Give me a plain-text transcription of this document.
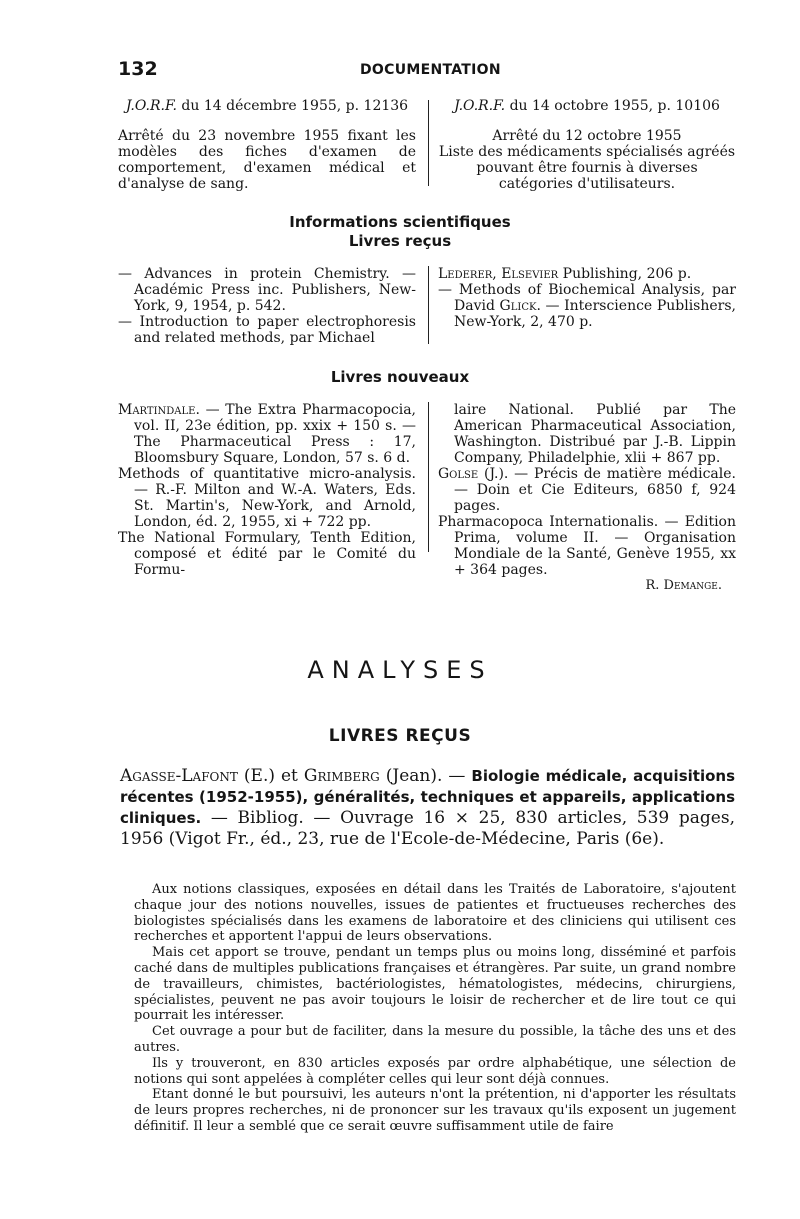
132	DOCUMENTATION

J.O.R.F. du 14 décembre 1955, p. 12136

Arrêté du 23 novembre 1955 fixant les modèles des fiches d'examen de comportement, d'examen médical et d'analyse de sang.

J.O.R.F. du 14 octobre 1955, p. 10106

Arrêté du 12 octobre 1955

Liste des médicaments spécialisés agréés pouvant être fournis à diverses catégories d'utilisateurs.

Informations scientifiques
Livres reçus

— Advances in protein Chemistry. — Académic Press inc. Publishers, New-York, 9, 1954, p. 542.

— Introduction to paper electrophoresis and related methods, par Michael

Lederer, Elsevier Publishing, 206 p.

— Methods of Biochemical Analysis, par David Glick. — Interscience Publishers, New-York, 2, 470 p.

Livres nouveaux

Martindale. — The Extra Pharmacopocia, vol. II, 23e édition, pp. xxix + 150 s. — The Pharmaceutical Press : 17, Bloomsbury Square, London, 57 s. 6 d.

Methods of quantitative micro-analysis. — R.-F. Milton and W.-A. Waters, Eds. St. Martin's, New-York, and Arnold, London, éd. 2, 1955, xi + 722 pp.

The National Formulary, Tenth Edition, composé et édité par le Comité du Formu-

laire National. Publié par The American Pharmaceutical Association, Washington. Distribué par J.-B. Lippin Company, Philadelphie, xlii + 867 pp.

Golse (J.). — Précis de matière médicale. — Doin et Cie Editeurs, 6850 f, 924 pages.

Pharmacopoca Internationalis. — Edition Prima, volume II. — Organisation Mondiale de la Santé, Genève 1955, xx + 364 pages.

R. Demange.

ANALYSES
LIVRES REÇUS
Agasse-Lafont (E.) et Grimberg (Jean). — Biologie médicale, acquisitions récentes (1952-1955), généralités, techniques et appareils, applications cliniques. — Bibliog. — Ouvrage 16 × 25, 830 articles, 539 pages, 1956 (Vigot Fr., éd., 23, rue de l'Ecole-de-Médecine, Paris (6e).

Aux notions classiques, exposées en détail dans les Traités de Laboratoire, s'ajoutent chaque jour des notions nouvelles, issues de patientes et fructueuses recherches des biologistes spécialisés dans les examens de laboratoire et des cliniciens qui utilisent ces recherches et apportent l'appui de leurs observations.

Mais cet apport se trouve, pendant un temps plus ou moins long, disséminé et parfois caché dans de multiples publications françaises et étrangères. Par suite, un grand nombre de travailleurs, chimistes, bactériologistes, hématologistes, médecins, chirurgiens, spécialistes, peuvent ne pas avoir toujours le loisir de rechercher et de lire tout ce qui pourrait les intéresser.

Cet ouvrage a pour but de faciliter, dans la mesure du possible, la tâche des uns et des autres.

Ils y trouveront, en 830 articles exposés par ordre alphabétique, une sélection de notions qui sont appelées à compléter celles qui leur sont déjà connues.

Etant donné le but poursuivi, les auteurs n'ont la prétention, ni d'apporter les résultats de leurs propres recherches, ni de prononcer sur les travaux qu'ils exposent un jugement définitif. Il leur a semblé que ce serait œuvre suffisamment utile de faire
